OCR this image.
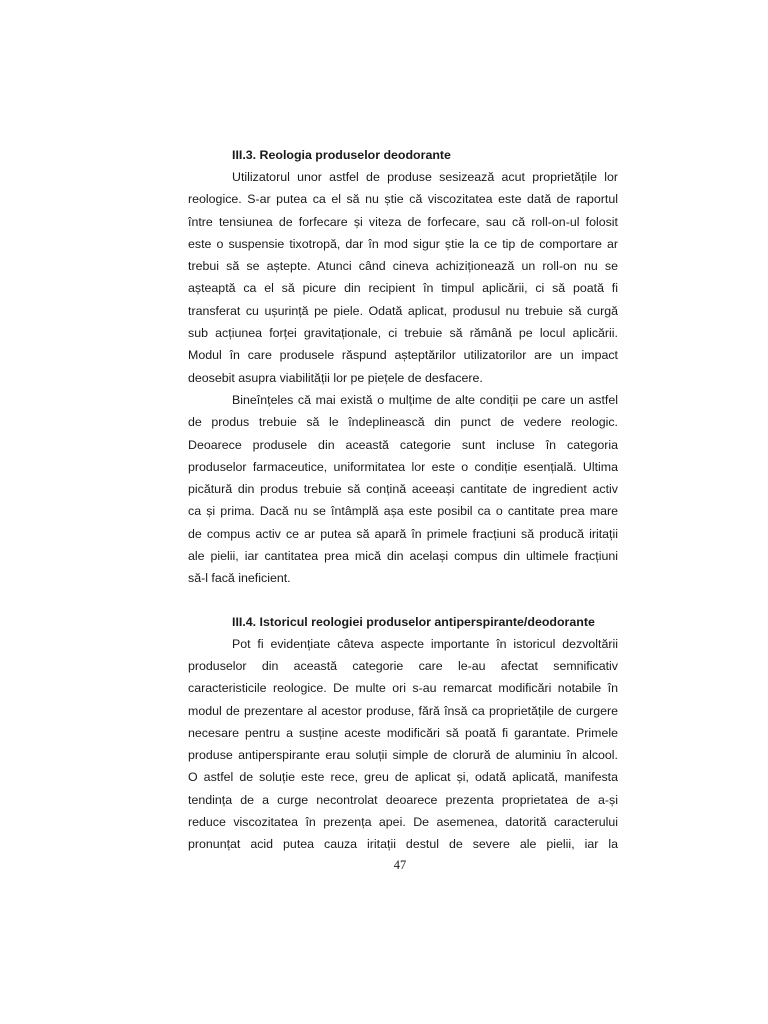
III.3. Reologia produselor deodorante
Utilizatorul unor astfel de produse sesizează acut proprietățile lor
reologice. S-ar putea ca el să nu știe că viscozitatea este dată de raportul
între tensiunea de forfecare și viteza de forfecare, sau că roll-on-ul folosit
este o suspensie tixotropă, dar în mod sigur știe la ce tip de comportare ar
trebui să se aștepte. Atunci când cineva achiziționează un roll-on nu se
așteaptă ca el să picure din recipient în timpul aplicării, ci să poată fi
transferat cu ușurință pe piele. Odată aplicat, produsul nu trebuie să curgă
sub acțiunea forței gravitaționale, ci trebuie să rămână pe locul aplicării.
Modul în care produsele răspund așteptărilor utilizatorilor are un impact
deosebit asupra viabilității lor pe piețele de desfacere.
Bineînțeles că mai există o mulțime de alte condiții pe care un astfel
de produs trebuie să le îndeplinească din punct de vedere reologic.
Deoarece produsele din această categorie sunt incluse în categoria
produselor farmaceutice, uniformitatea lor este o condiție esențială. Ultima
picătură din produs trebuie să conțină aceeași cantitate de ingredient activ
ca și prima. Dacă nu se întâmplă așa este posibil ca o cantitate prea mare
de compus activ ce ar putea să apară în primele fracțiuni să producă iritații
ale pielii, iar cantitatea prea mică din același compus din ultimele fracțiuni
să-l facă ineficient.
III.4. Istoricul reologiei produselor antiperspirante/deodorante
Pot fi evidențiate câteva aspecte importante în istoricul dezvoltării
produselor din această categorie care le-au afectat semnificativ
caracteristicile reologice. De multe ori s-au remarcat modificări notabile în
modul de prezentare al acestor produse, fără însă ca proprietățile de curgere
necesare pentru a susține aceste modificări să poată fi garantate. Primele
produse antiperspirante erau soluții simple de clorură de aluminiu în alcool.
O astfel de soluție este rece, greu de aplicat și, odată aplicată, manifesta
tendința de a curge necontrolat deoarece prezenta proprietatea de a-și
reduce viscozitatea în prezența apei. De asemenea, datorită caracterului
pronunțat acid putea cauza iritații destul de severe ale pielii, iar la
47
